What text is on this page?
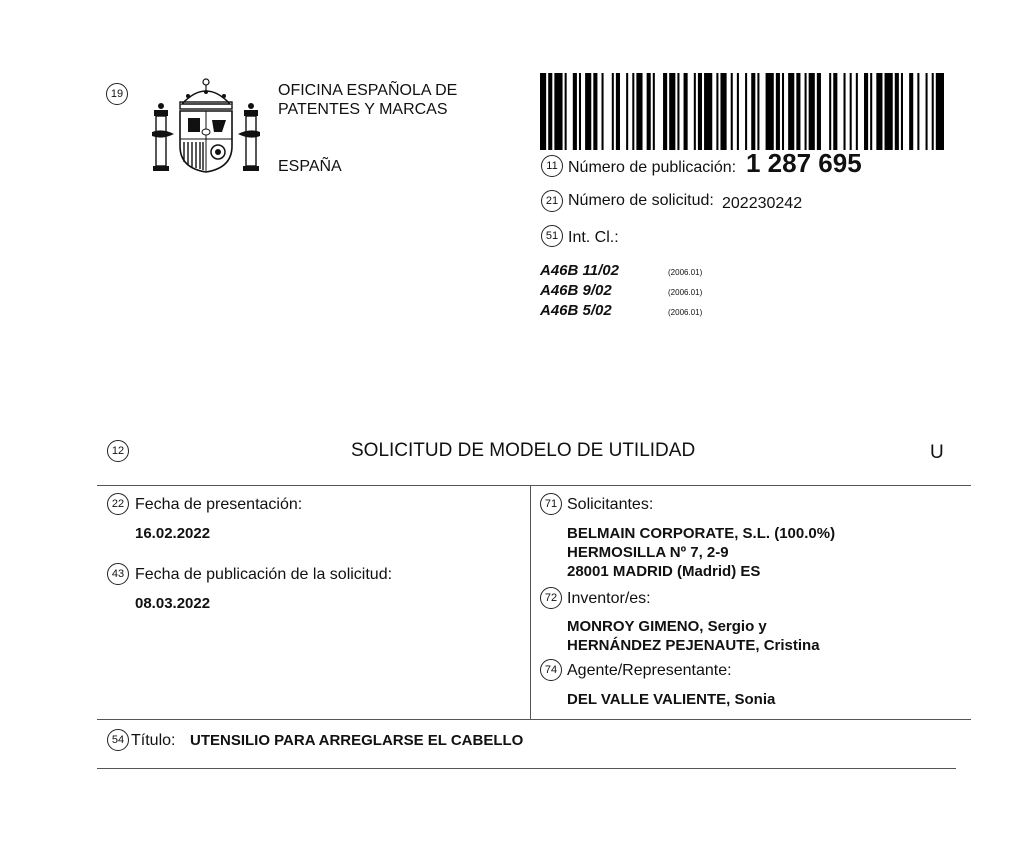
19	OFICINA ESPAÑOLA DE
PATENTES Y MARCAS
ESPAÑA	11 Número de publicación: 1 287 695
21 Número de solicitud: 202230242
51 Int. Cl.:
A46B 11/02	(2006.01)
A46B 9/02	(2006.01)
A46B 5/02	(2006.01)
12	SOLICITUD DE MODELO DE UTILIDAD	U
22 Fecha de presentación:
16.02.2022
43 Fecha de publicación de la solicitud:
08.03.2022
71 Solicitantes:
BELMAIN CORPORATE, S.L. (100.0%)
HERMOSILLA Nº 7, 2-9
28001 MADRID (Madrid) ES
72 Inventor/es:
MONROY GIMENO, Sergio y
HERNÁNDEZ PEJENAUTE, Cristina
74 Agente/Representante:
DEL VALLE VALIENTE, Sonia
54 Título: UTENSILIO PARA ARREGLARSE EL CABELLO
